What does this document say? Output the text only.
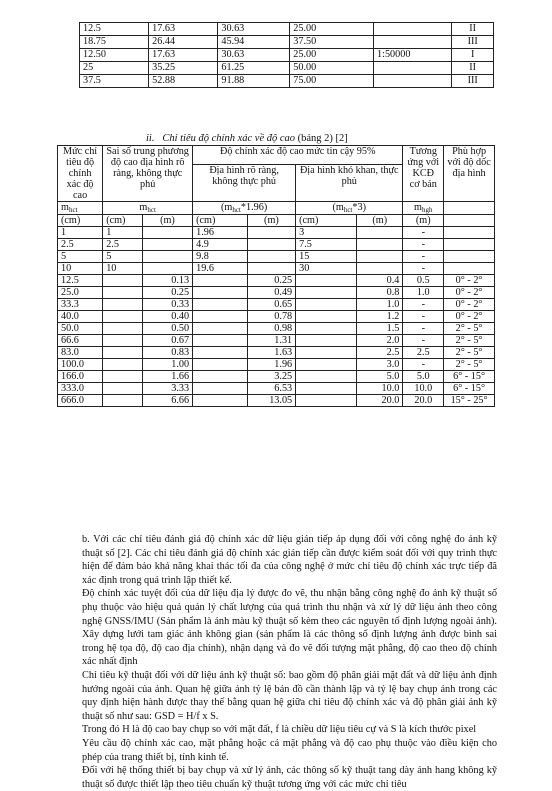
12.5	17.63	30.63	25.00		II
18.75	26.44	45.94	37.50		III
12.50	17.63	30.63	25.00	1:50000	I
25	35.25	61.25	50.00		II
37.5	52.88	91.88	75.00		III
ii. Chỉ tiêu độ chính xác về độ cao (bảng 2) [2]
Mức chỉ tiêu độ chính xác độ cao	Sai số trung phương độ cao địa hình rõ ràng, không thực phủ		Độ chính xác độ cao mức tin cậy 95%				Tương ứng với KCĐ cơ bản	Phù hợp với độ dốc địa hình
			Địa hình rõ ràng, không thực phủ		Địa hình khó khan, thực phủ			
mhct	mhct		(mhct*1.96)		(mhct*3)		mhgh	
(cm)	(cm)	(m)	(cm)	(m)	(cm)	(m)	(m)	
1	1		1.96		3		-	
2.5	2.5		4.9		7.5		-	
5	5		9.8		15		-	
10	10		19.6		30		-	
12.5		0.13		0.25		0.4	0.5	0° - 2°
25.0		0.25		0.49		0.8	1.0	0° - 2°
33.3		0.33		0.65		1.0	-	0° - 2°
40.0		0.40		0.78		1.2	-	0° - 2°
50.0		0.50		0.98		1.5	-	2° - 5°
66.6		0.67		1.31		2.0	-	2° - 5°
83.0		0.83		1.63		2.5	2.5	2° - 5°
100.0		1.00		1.96		3.0	-	2° - 5°
166.0		1.66		3.25		5.0	5.0	6° - 15°
333.0		3.33		6.53		10.0	10.0	6° - 15°
666.0		6.66		13.05		20.0	20.0	15° - 25°

b. Với các chỉ tiêu đánh giá độ chính xác dữ liệu gián tiếp áp dụng đối với công nghệ đo ảnh kỹ thuật số [2]. Các chỉ tiêu đánh giá độ chính xác gián tiếp cần được kiểm soát đối với quy trình thực hiện để đảm bảo khả năng khai thác tối đa của công nghệ ở mức chỉ tiêu độ chính xác trực tiếp đã xác định trong quá trình lập thiết kế.

Độ chính xác tuyệt đối của dữ liệu địa lý được đo vẽ, thu nhận bằng công nghệ đo ảnh kỹ thuật số phụ thuộc vào hiệu quả quản lý chất lượng của quá trình thu nhận và xử lý dữ liệu ảnh theo công nghệ GNSS/IMU (Sản phẩm là ảnh màu kỹ thuật số kèm theo các nguyên tố định lượng ngoài ảnh). Xây dựng lưới tam giác ảnh không gian (sản phẩm là các thông số định lượng ảnh được bình sai trong hệ tọa độ, độ cao địa chính), nhận dạng và đo vẽ đối tượng mặt phẳng, độ cao theo độ chính xác nhất định

Chỉ tiêu kỹ thuật đối với dữ liệu ảnh kỹ thuật số: bao gồm độ phân giải mặt đất và dữ liệu ảnh định hướng ngoài của ảnh. Quan hệ giữa ảnh tỷ lệ bản đồ cần thành lập và tỷ lệ bay chụp ảnh trong các quy định hiện hành được thay thế bằng quan hệ giữa chỉ tiêu độ chính xác và độ phân giải ảnh kỹ thuật số như sau: GSD = H/f x S.

Trong đó H là độ cao bay chụp so với mặt đất, f là chiều dữ liệu tiêu cự và S là kích thước pixel

Yêu cầu độ chính xác cao, mặt phẳng hoặc cả mặt phẳng và độ cao phụ thuộc vào điều kiện cho phép của trang thiết bị, tính kinh tế.

Đối với hệ thống thiết bị bay chụp và xử lý ảnh, các thông số kỹ thuật tang dày ảnh hang không kỹ thuật số được thiết lập theo tiêu chuẩn kỹ thuật tương ứng với các mức chỉ tiêu
